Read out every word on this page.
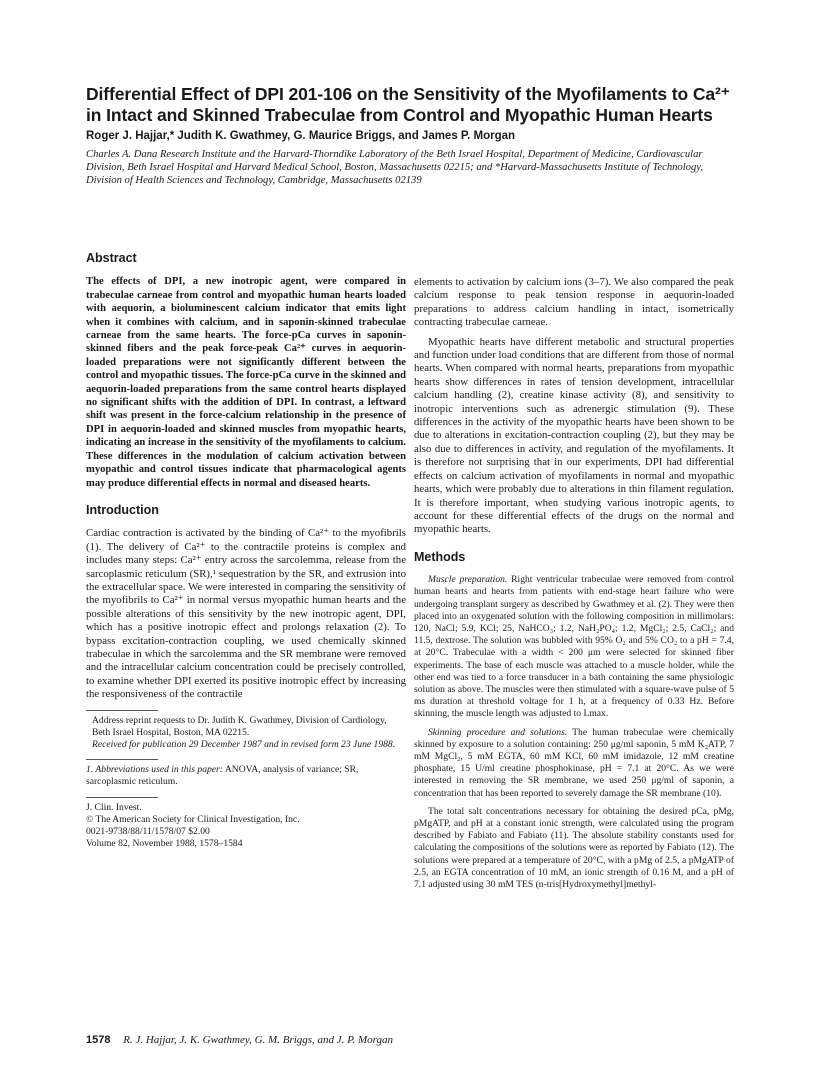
Differential Effect of DPI 201-106 on the Sensitivity of the Myofilaments to Ca²⁺
in Intact and Skinned Trabeculae from Control and Myopathic Human Hearts

Roger J. Hajjar,* Judith K. Gwathmey, G. Maurice Briggs, and James P. Morgan

Charles A. Dana Research Institute and the Harvard-Thorndike Laboratory of the Beth Israel Hospital, Department of Medicine, Cardiovascular Division, Beth Israel Hospital and Harvard Medical School, Boston, Massachusetts 02215; and *Harvard-Massachusetts Institute of Technology, Division of Health Sciences and Technology, Cambridge, Massachusetts 02139

Abstract

The effects of DPI, a new inotropic agent, were compared in trabeculae carneae from control and myopathic human hearts loaded with aequorin, a bioluminescent calcium indicator that emits light when it combines with calcium, and in saponin-skinned trabeculae carneae from the same hearts. The force-pCa curves in saponin-skinned fibers and the peak force-peak Ca²⁺ curves in aequorin-loaded preparations were not significantly different between the control and myopathic tissues. The force-pCa curve in the skinned and aequorin-loaded preparations from the same control hearts displayed no significant shifts with the addition of DPI. In contrast, a leftward shift was present in the force-calcium relationship in the presence of DPI in aequorin-loaded and skinned muscles from myopathic hearts, indicating an increase in the sensitivity of the myofilaments to calcium. These differences in the modulation of calcium activation between myopathic and control tissues indicate that pharmacological agents may produce differential effects in normal and diseased hearts.

Introduction

Cardiac contraction is activated by the binding of Ca²⁺ to the myofibrils (1). The delivery of Ca²⁺ to the contractile proteins is complex and includes many steps: Ca²⁺ entry across the sarcolemma, release from the sarcoplasmic reticulum (SR),¹ sequestration by the SR, and extrusion into the extracellular space. We were interested in comparing the sensitivity of the myofibrils to Ca²⁺ in normal versus myopathic human hearts and the possible alterations of this sensitivity by the new inotropic agent, DPI, which has a positive inotropic effect and prolongs relaxation (2). To bypass excitation-contraction coupling, we used chemically skinned trabeculae in which the sarcolemma and the SR membrane were removed and the intracellular calcium concentration could be precisely controlled, to examine whether DPI exerted its positive inotropic effect by increasing the responsiveness of the contractile

Address reprint requests to Dr. Judith K. Gwathmey, Division of Cardiology, Beth Israel Hospital, Boston, MA 02215.

Received for publication 29 December 1987 and in revised form 23 June 1988.

1. Abbreviations used in this paper: ANOVA, analysis of variance; SR, sarcoplasmic reticulum.

J. Clin. Invest.

© The American Society for Clinical Investigation, Inc.

0021-9738/88/11/1578/07 $2.00

Volume 82, November 1988, 1578–1584

elements to activation by calcium ions (3–7). We also compared the peak calcium response to peak tension response in aequorin-loaded preparations to address calcium handling in intact, isometrically contracting trabeculae carneae.

Myopathic hearts have different metabolic and structural properties and function under load conditions that are different from those of normal hearts. When compared with normal hearts, preparations from myopathic hearts show differences in rates of tension development, intracellular calcium handling (2), creatine kinase activity (8), and sensitivity to inotropic interventions such as adrenergic stimulation (9). These differences in the activity of the myopathic hearts have been shown to be due to alterations in excitation-contraction coupling (2), but they may be also due to differences in activity, and regulation of the myofilaments. It is therefore not surprising that in our experiments, DPI had differential effects on calcium activation of myofilaments in normal and myopathic hearts, which were probably due to alterations in thin filament regulation. It is therefore important, when studying various inotropic agents, to account for these differential effects of the drugs on the normal and myopathic hearts.

Methods

Muscle preparation. Right ventricular trabeculae were removed from control human hearts and hearts from patients with end-stage heart failure who were undergoing transplant surgery as described by Gwathmey et al. (2). They were then placed into an oxygenated solution with the following composition in millimolars: 120, NaCl; 5.9, KCl; 25, NaHCO₃; 1.2, NaH₂PO₄; 1.2, MgCl₂; 2.5, CaCl₂; and 11.5, dextrose. The solution was bubbled with 95% O₂ and 5% CO₂ to a pH = 7.4, at 20°C. Trabeculae with a width < 200 μm were selected for skinned fiber experiments. The base of each muscle was attached to a muscle holder, while the other end was tied to a force transducer in a bath containing the same physiologic solution as above. The muscles were then stimulated with a square-wave pulse of 5 ms duration at threshold voltage for 1 h, at a frequency of 0.33 Hz. Before skinning, the muscle length was adjusted to Lmax.

Skinning procedure and solutions. The human trabeculae were chemically skinned by exposure to a solution containing: 250 μg/ml saponin, 5 mM K₂ATP, 7 mM MgCl₂, 5 mM EGTA, 60 mM KCl, 60 mM imidazole, 12 mM creatine phosphate, 15 U/ml creatine phosphokinase, pH = 7.1 at 20°C. As we were interested in removing the SR membrane, we used 250 μg/ml of saponin, a concentration that has been reported to severely damage the SR membrane (10).

The total salt concentrations necessary for obtaining the desired pCa, pMg, pMgATP, and pH at a constant ionic strength, were calculated using the program described by Fabiato and Fabiato (11). The absolute stability constants used for calculating the compositions of the solutions were as reported by Fabiato (12). The solutions were prepared at a temperature of 20°C, with a pMg of 2.5, a pMgATP of 2.5, an EGTA concentration of 10 mM, an ionic strength of 0.16 M, and a pH of 7.1 adjusted using 30 mM TES (n-tris[Hydroxymethyl]methyl-

1578 R. J. Hajjar, J. K. Gwathmey, G. M. Briggs, and J. P. Morgan
